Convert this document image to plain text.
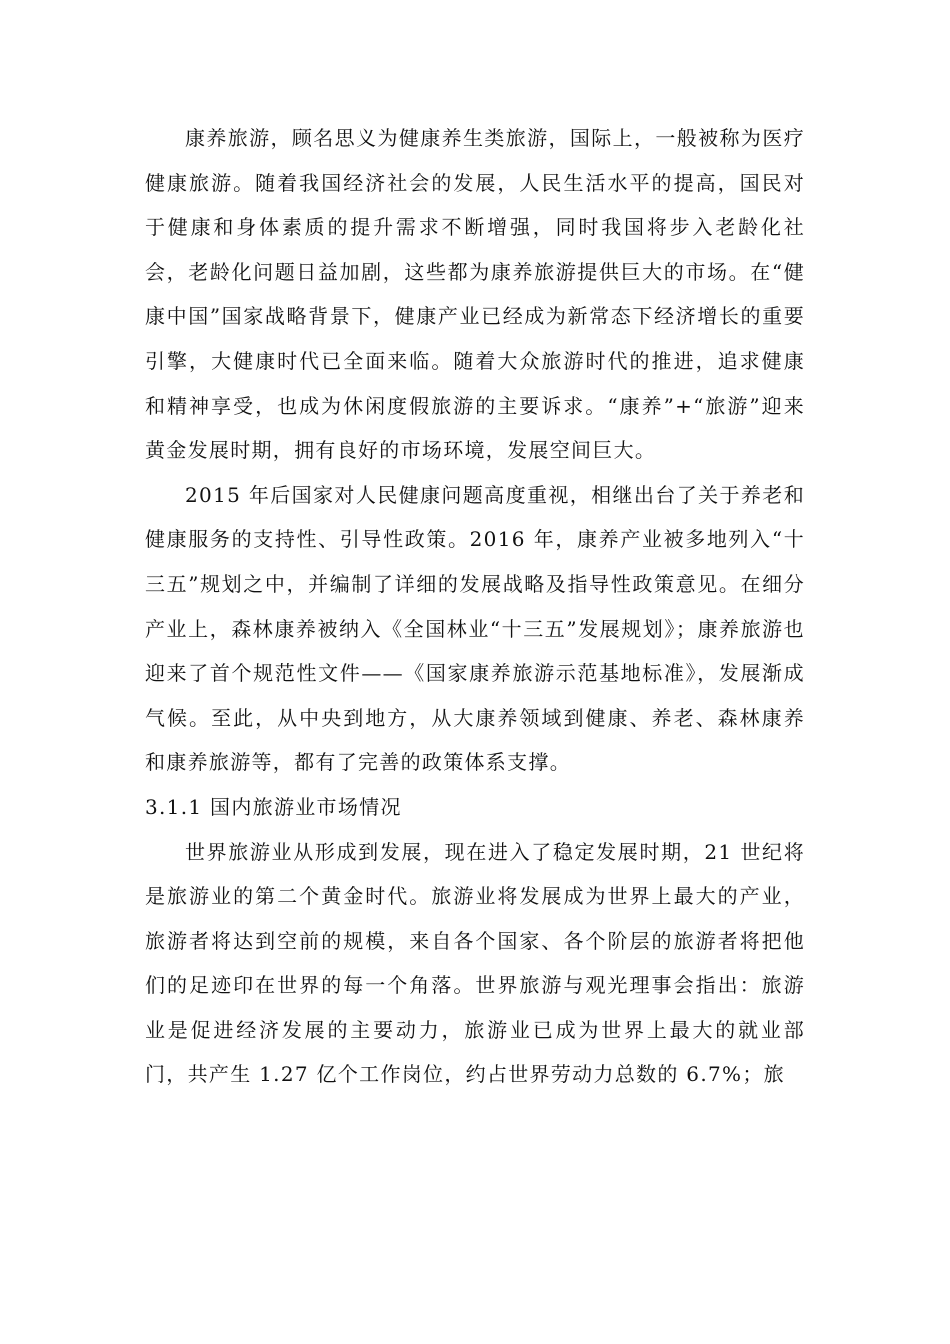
康养旅游，顾名思义为健康养生类旅游，国际上，一般被称为医疗健康旅游。随着我国经济社会的发展，人民生活水平的提高，国民对于健康和身体素质的提升需求不断增强，同时我国将步入老龄化社会，老龄化问题日益加剧，这些都为康养旅游提供巨大的市场。在“健康中国”国家战略背景下，健康产业已经成为新常态下经济增长的重要引擎，大健康时代已全面来临。随着大众旅游时代的推进，追求健康和精神享受，也成为休闲度假旅游的主要诉求。“康养”+“旅游”迎来黄金发展时期，拥有良好的市场环境，发展空间巨大。

2015 年后国家对人民健康问题高度重视，相继出台了关于养老和健康服务的支持性、引导性政策。2016 年，康养产业被多地列入“十三五”规划之中，并编制了详细的发展战略及指导性政策意见。在细分产业上，森林康养被纳入《全国林业“十三五”发展规划》；康养旅游也迎来了首个规范性文件——《国家康养旅游示范基地标准》，发展渐成气候。至此，从中央到地方，从大康养领域到健康、养老、森林康养和康养旅游等，都有了完善的政策体系支撑。

3.1.1 国内旅游业市场情况

世界旅游业从形成到发展，现在进入了稳定发展时期，21 世纪将是旅游业的第二个黄金时代。旅游业将发展成为世界上最大的产业，旅游者将达到空前的规模，来自各个国家、各个阶层的旅游者将把他们的足迹印在世界的每一个角落。世界旅游与观光理事会指出：旅游业是促进经济发展的主要动力，旅游业已成为世界上最大的就业部门，共产生 1.27 亿个工作岗位，约占世界劳动力总数的 6.7%；旅
